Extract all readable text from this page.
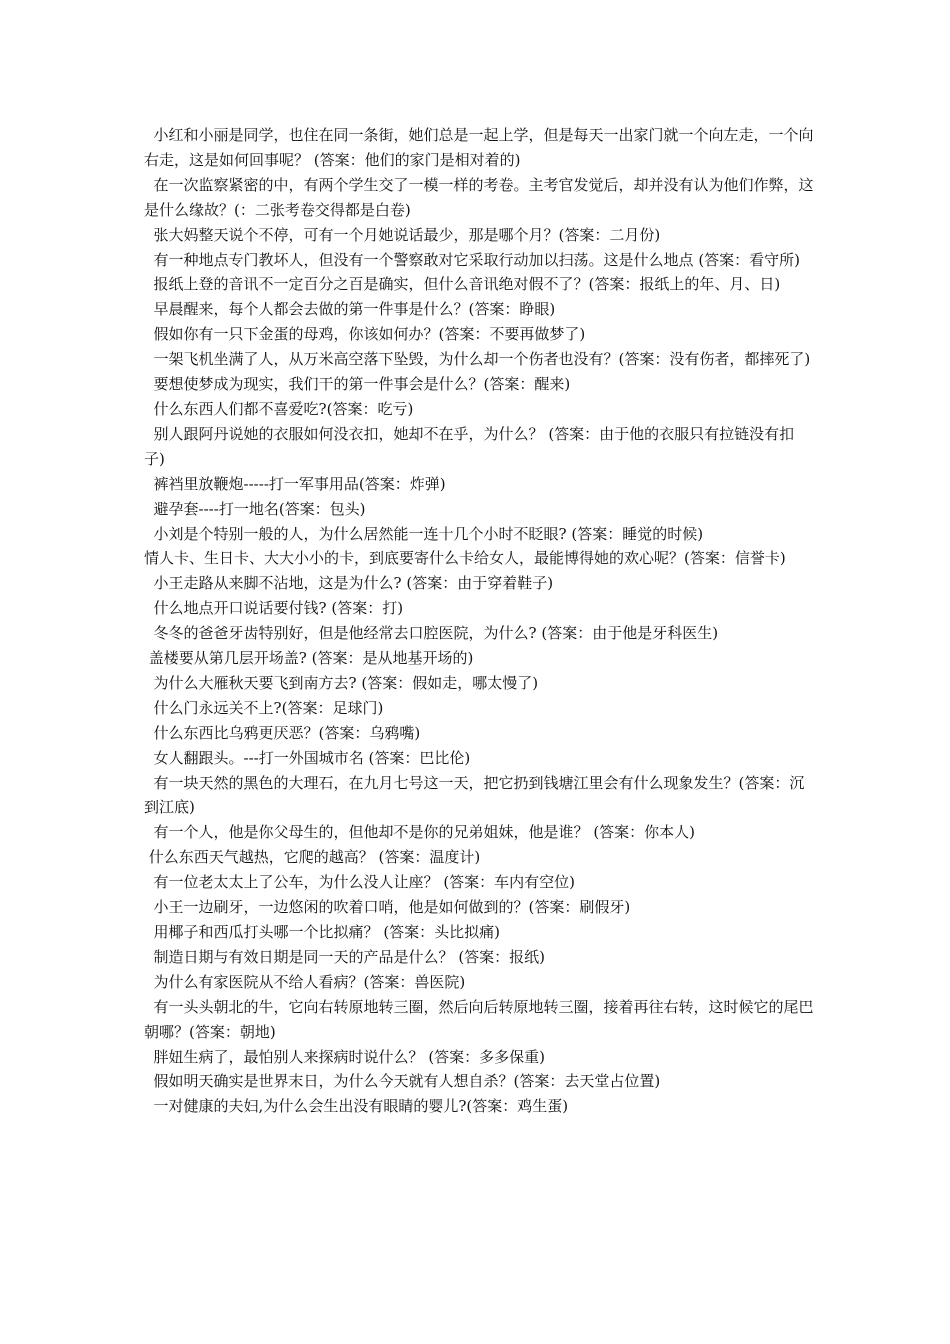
小红和小丽是同学，也住在同一条街，她们总是一起上学，但是每天一出家门就一个向左走，一个向右走，这是如何回事呢？ (答案：他们的家门是相对着的)

在一次监察紧密的中，有两个学生交了一模一样的考卷。主考官发觉后，却并没有认为他们作弊，这是什么缘故？(：二张考卷交得都是白卷)

张大妈整天说个不停，可有一个月她说话最少，那是哪个月？(答案：二月份)

有一种地点专门教坏人，但没有一个警察敢对它采取行动加以扫荡。这是什么地点 (答案：看守所)

报纸上登的音讯不一定百分之百是确实，但什么音讯绝对假不了？(答案：报纸上的年、月、日)

早晨醒来，每个人都会去做的第一件事是什么？(答案：睁眼)

假如你有一只下金蛋的母鸡，你该如何办？(答案：不要再做梦了)

一架飞机坐满了人，从万米高空落下坠毁，为什么却一个伤者也没有？(答案：没有伤者，都摔死了)

要想使梦成为现实，我们干的第一件事会是什么？(答案：醒来)

什么东西人们都不喜爱吃?(答案：吃亏)

别人跟阿丹说她的衣服如何没衣扣，她却不在乎，为什么？ (答案：由于他的衣服只有拉链没有扣子)

裤裆里放鞭炮-----打一军事用品(答案：炸弹)

避孕套----打一地名(答案：包头)

小刘是个特别一般的人，为什么居然能一连十几个小时不眨眼? (答案：睡觉的时候)

情人卡、生日卡、大大小小的卡，到底要寄什么卡给女人，最能博得她的欢心呢？(答案：信誉卡)

小王走路从来脚不沾地，这是为什么? (答案：由于穿着鞋子)

什么地点开口说话要付钱? (答案：打)

冬冬的爸爸牙齿特别好，但是他经常去口腔医院，为什么? (答案：由于他是牙科医生)

盖楼要从第几层开场盖? (答案：是从地基开场的)

为什么大雁秋天要飞到南方去? (答案：假如走，哪太慢了)

什么门永远关不上?(答案：足球门)

什么东西比乌鸦更厌恶？(答案：乌鸦嘴)

女人翻跟头。---打一外国城市名 (答案：巴比伦)

有一块天然的黑色的大理石，在九月七号这一天，把它扔到钱塘江里会有什么现象发生？(答案：沉到江底)

有一个人，他是你父母生的，但他却不是你的兄弟姐妹，他是谁？ (答案：你本人)

什么东西天气越热，它爬的越高？ (答案：温度计)

有一位老太太上了公车，为什么没人让座？ (答案：车内有空位)

小王一边刷牙，一边悠闲的吹着口哨，他是如何做到的？(答案：刷假牙)

用椰子和西瓜打头哪一个比拟痛？ (答案：头比拟痛)

制造日期与有效日期是同一天的产品是什么？ (答案：报纸)

为什么有家医院从不给人看病？(答案：兽医院)

有一头头朝北的牛，它向右转原地转三圈，然后向后转原地转三圈，接着再往右转，这时候它的尾巴朝哪？(答案：朝地)

胖妞生病了，最怕别人来探病时说什么？ (答案：多多保重)

假如明天确实是世界末日，为什么今天就有人想自杀？(答案：去天堂占位置)

一对健康的夫妇,为什么会生出没有眼睛的婴儿?(答案：鸡生蛋)
